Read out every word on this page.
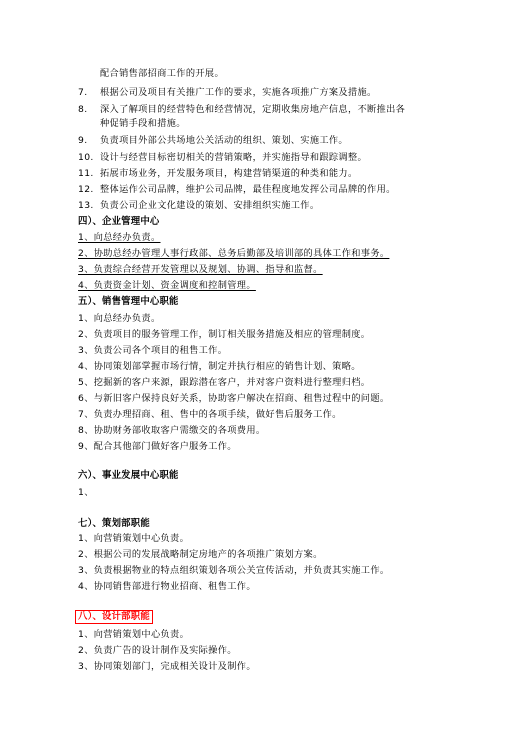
配合销售部招商工作的开展。
7. 根据公司及项目有关推广工作的要求，实施各项推广方案及措施。
8. 深入了解项目的经营特色和经营情况，定期收集房地产信息，不断推出各
种促销手段和措施。
9. 负责项目外部公共场地公关活动的组织、策划、实施工作。
10. 设计与经营目标密切相关的营销策略，并实施指导和跟踪调整。
11. 拓展市场业务，开发服务项目，构建营销渠道的种类和能力。
12. 整体运作公司品牌，维护公司品牌，最佳程度地发挥公司品牌的作用。
13. 负责公司企业文化建设的策划、安排组织实施工作。
四）、企业管理中心
1、向总经办负责。
2、协助总经办管理人事行政部、总务后勤部及培训部的具体工作和事务。
3、负责综合经营开发管理以及规划、协调、指导和监督。
4、负责资金计划、资金调度和控制管理。
五）、销售管理中心职能
1、向总经办负责。
2、负责项目的服务管理工作，制订相关服务措施及相应的管理制度。
3、负责公司各个项目的租售工作。
4、协同策划部掌握市场行情，制定并执行相应的销售计划、策略。
5、挖掘新的客户来源，跟踪潜在客户，并对客户资料进行整理归档。
6、与新旧客户保持良好关系，协助客户解决在招商、租售过程中的问题。
7、负责办理招商、租、售中的各项手续，做好售后服务工作。
8、协助财务部收取客户需缴交的各项费用。
9、配合其他部门做好客户服务工作。
六）、事业发展中心职能
1、
七）、策划部职能
1、向营销策划中心负责。
2、根据公司的发展战略制定房地产的各项推广策划方案。
3、负责根据物业的特点组织策划各项公关宣传活动，并负责其实施工作。
4、协同销售部进行物业招商、租售工作。
八）、设计部职能
1、向营销策划中心负责。
2、负责广告的设计制作及实际操作。
3、协同策划部门，完成相关设计及制作。
